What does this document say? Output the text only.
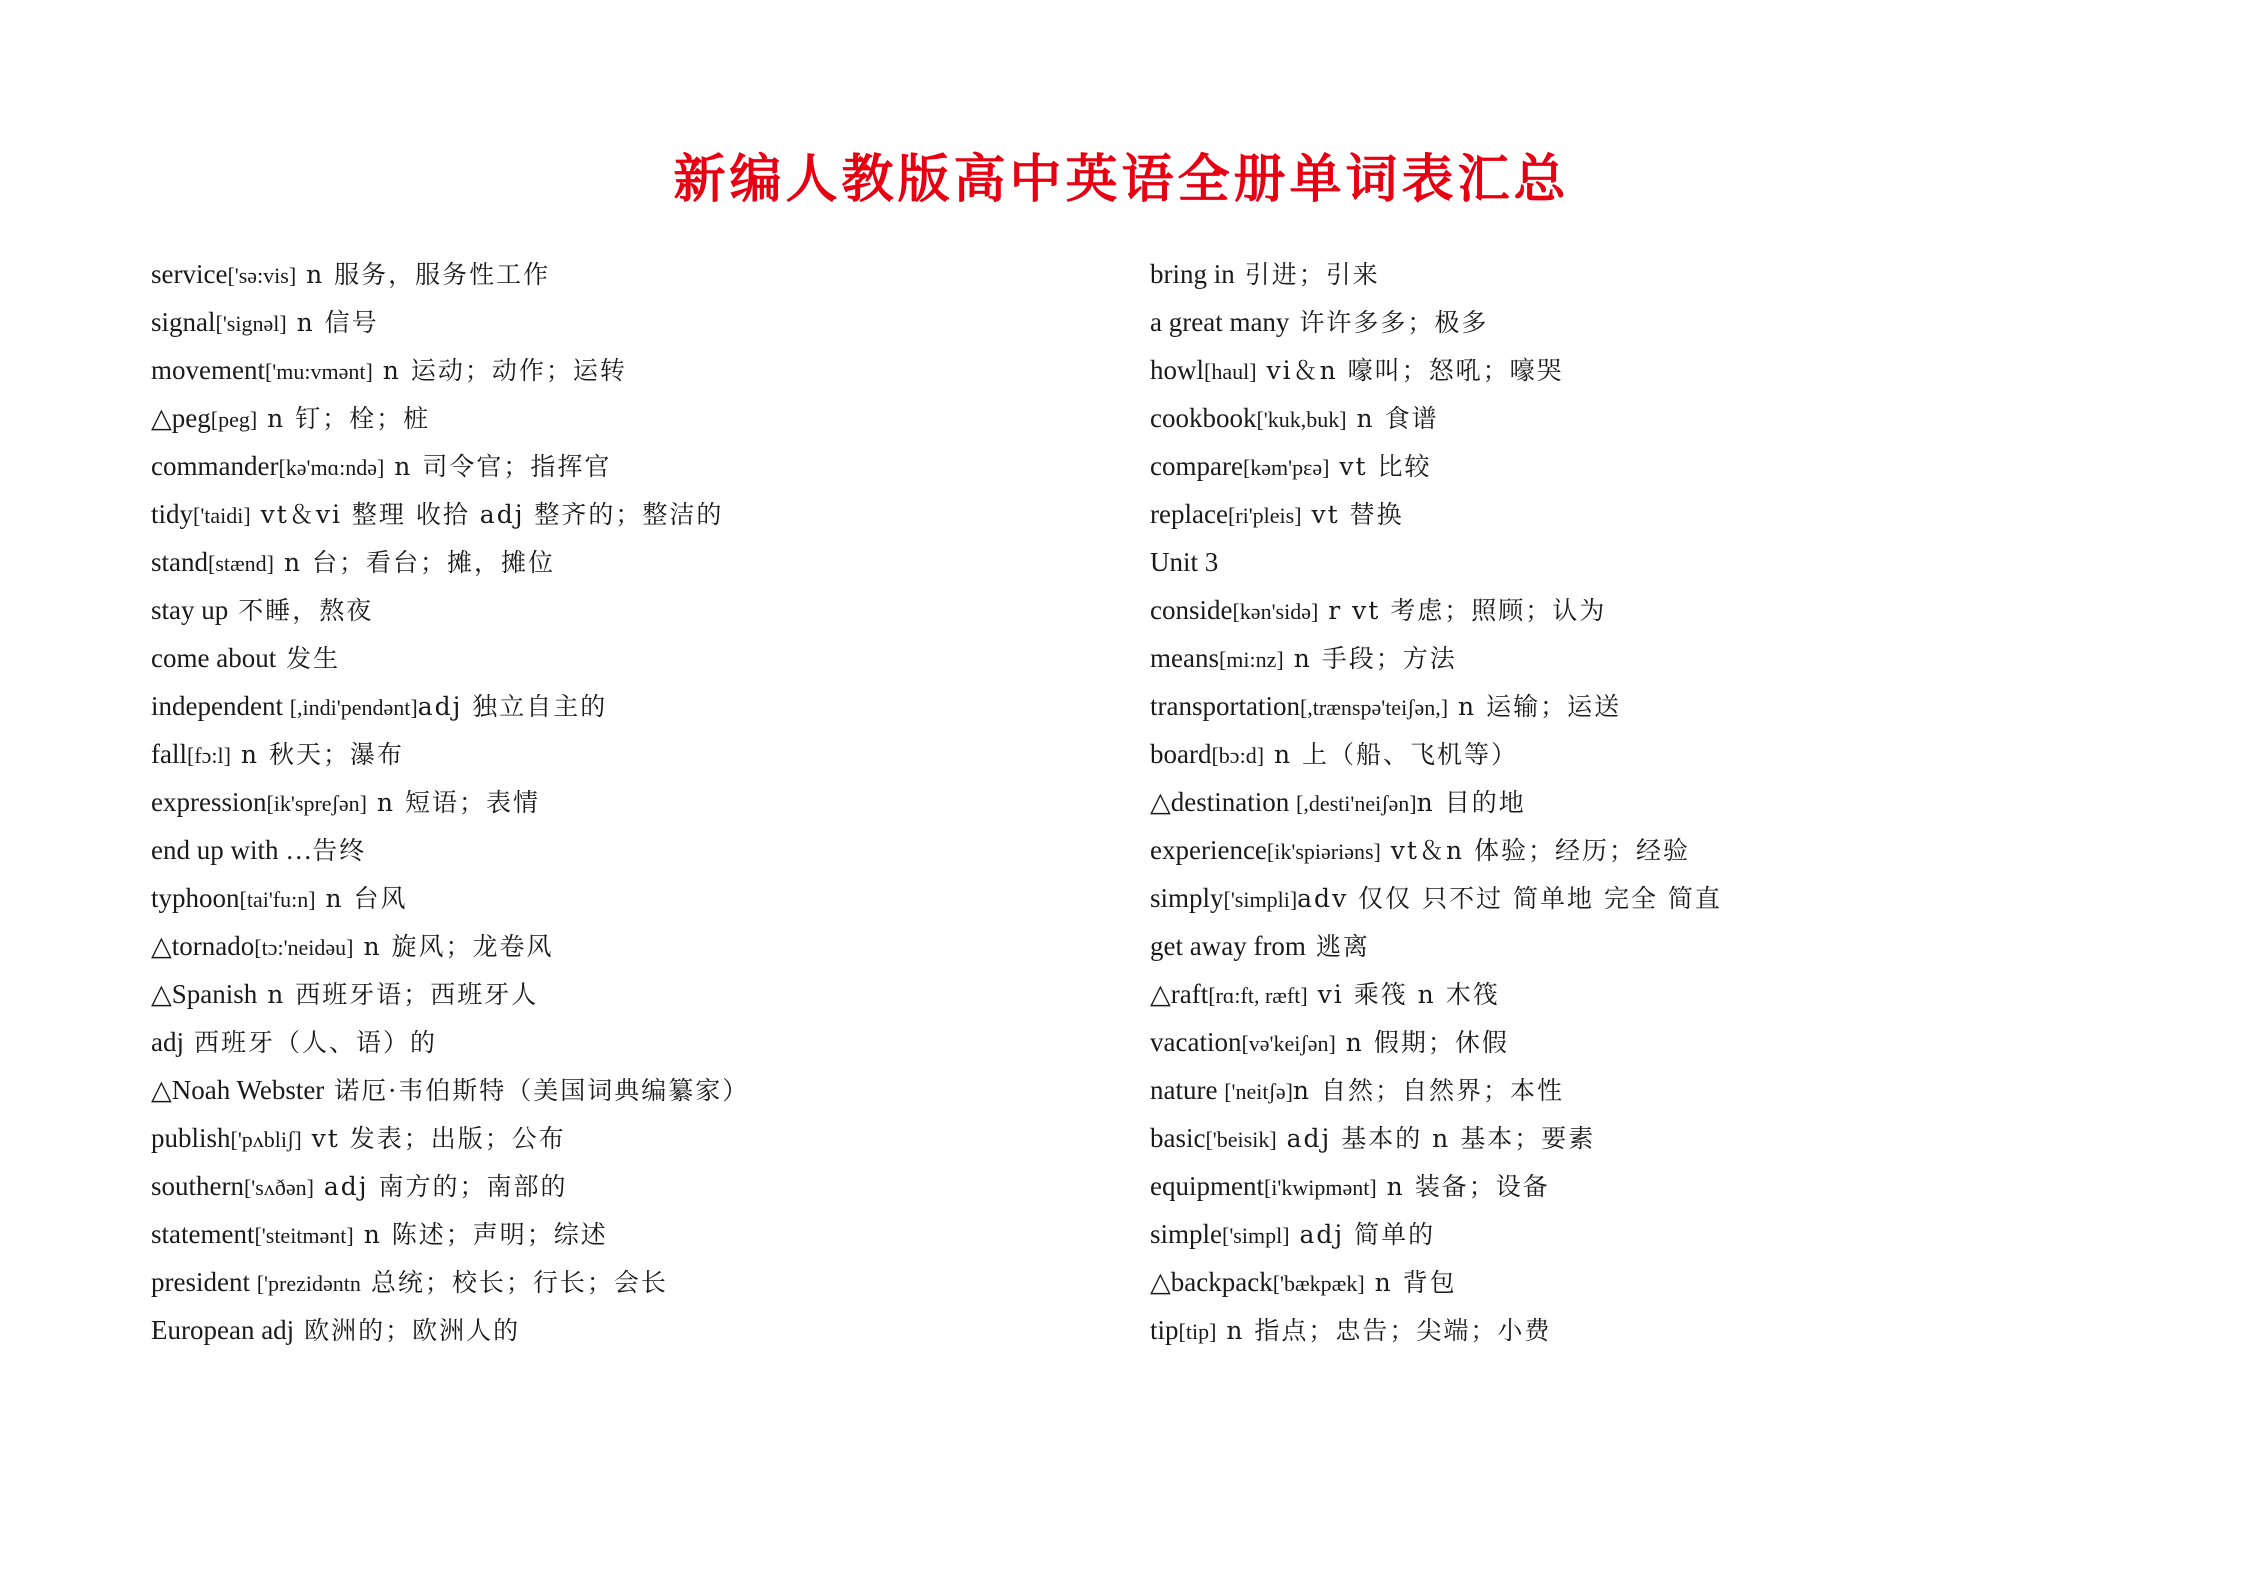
新编人教版高中英语全册单词表汇总
service['sə:vis] n 服务，服务性工作
signal['signəl] n 信号
movement['mu:vmənt] n 运动；动作；运转
△peg[peg] n 钉；栓；桩
commander[kə'mɑ:ndə] n 司令官；指挥官
tidy['taidi] vt＆vi 整理 收拾 adj 整齐的；整洁的
stand[stænd] n 台；看台；摊，摊位
stay up 不睡，熬夜
come about 发生
independent [,indi'pendənt]adj 独立自主的
fall[fɔ:l] n 秋天；瀑布
expression[ik'spreʃən] n 短语；表情
end up with …告终
typhoon[tai'fu:n] n 台风
△tornado[tɔ:'neidəu] n 旋风；龙卷风
△Spanish n 西班牙语；西班牙人
adj 西班牙（人、语）的
△Noah Webster 诺厄·韦伯斯特（美国词典编纂家）
publish['pʌbliʃ] vt 发表；出版；公布
southern['sʌðən] adj 南方的；南部的
statement['steitmənt] n 陈述；声明；综述
president ['prezidəntn 总统；校长；行长；会长
European adj 欧洲的；欧洲人的
bring in 引进；引来
a great many 许许多多；极多
howl[haul] vi＆n 嚎叫；怒吼；嚎哭
cookbook['kuk,buk] n 食谱
compare[kəm'pɛə] vt 比较
replace[ri'pleis] vt 替换
Unit 3
conside[kən'sidə] r vt 考虑；照顾；认为
means[mi:nz] n 手段；方法
transportation[,trænspə'teiʃən,] n 运输；运送
board[bɔ:d] n 上（船、飞机等）
△destination [,desti'neiʃən]n 目的地
experience[ik'spiəriəns] vt＆n 体验；经历；经验
simply['simpli]adv 仅仅 只不过 简单地 完全 简直
get away from 逃离
△raft[rɑ:ft, ræft] vi 乘筏 n 木筏
vacation[və'keiʃən] n 假期；休假
nature ['neitʃə]n 自然；自然界；本性
basic['beisik] adj 基本的 n 基本；要素
equipment[i'kwipmənt] n 装备；设备
simple['simpl] adj 简单的
△backpack['bækpæk] n 背包
tip[tip] n 指点；忠告；尖端；小费
